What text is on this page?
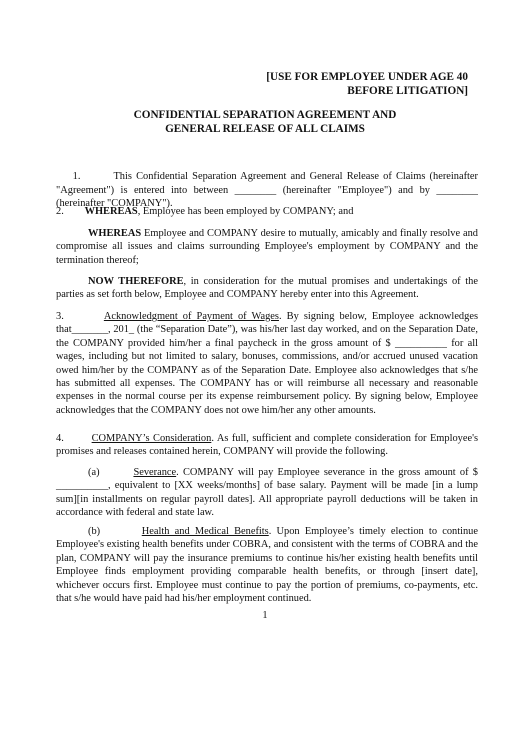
[USE FOR EMPLOYEE UNDER AGE 40
BEFORE LITIGATION]
CONFIDENTIAL SEPARATION AGREEMENT AND
GENERAL RELEASE OF ALL CLAIMS

1.        This Confidential Separation Agreement and General Release of Claims (hereinafter "Agreement") is entered into between ________ (hereinafter "Employee") and by ________ (hereinafter "COMPANY").

2.        WHEREAS, Employee has been employed by COMPANY; and
WHEREAS Employee and COMPANY desire to mutually, amicably and finally resolve and compromise all issues and claims surrounding Employee's employment by COMPANY and the termination thereof;
NOW THEREFORE, in consideration for the mutual promises and undertakings of the parties as set forth below, Employee and COMPANY hereby enter into this Agreement.
3.        Acknowledgment of Payment of Wages. By signing below, Employee acknowledges that_______, 201_ (the “Separation Date”), was his/her last day worked, and on the Separation Date, the COMPANY provided him/her a final paycheck in the gross amount of $ __________ for all wages, including but not limited to salary, bonuses, commissions, and/or accrued unused vacation owed him/her by the COMPANY as of the Separation Date. Employee also acknowledges that s/he has submitted all expenses. The COMPANY has or will reimburse all necessary and reasonable expenses in the normal course per its expense reimbursement policy. By signing below, Employee acknowledges that the COMPANY does not owe him/her any other amounts.
4.        COMPANY’s Consideration. As full, sufficient and complete consideration for Employee's promises and releases contained herein, COMPANY will provide the following.
(a)        Severance. COMPANY will pay Employee severance in the gross amount of $ __________, equivalent to [XX weeks/months] of base salary. Payment will be made [in a lump sum][in installments on regular payroll dates]. All appropriate payroll deductions will be taken in accordance with federal and state law.
(b)        Health and Medical Benefits. Upon Employee’s timely election to continue Employee's existing health benefits under COBRA, and consistent with the terms of COBRA and the plan, COMPANY will pay the insurance premiums to continue his/her existing health benefits until Employee finds employment providing comparable health benefits, or through [insert date], whichever occurs first. Employee must continue to pay the portion of premiums, co-payments, etc. that s/he would have paid had his/her employment continued.
1
